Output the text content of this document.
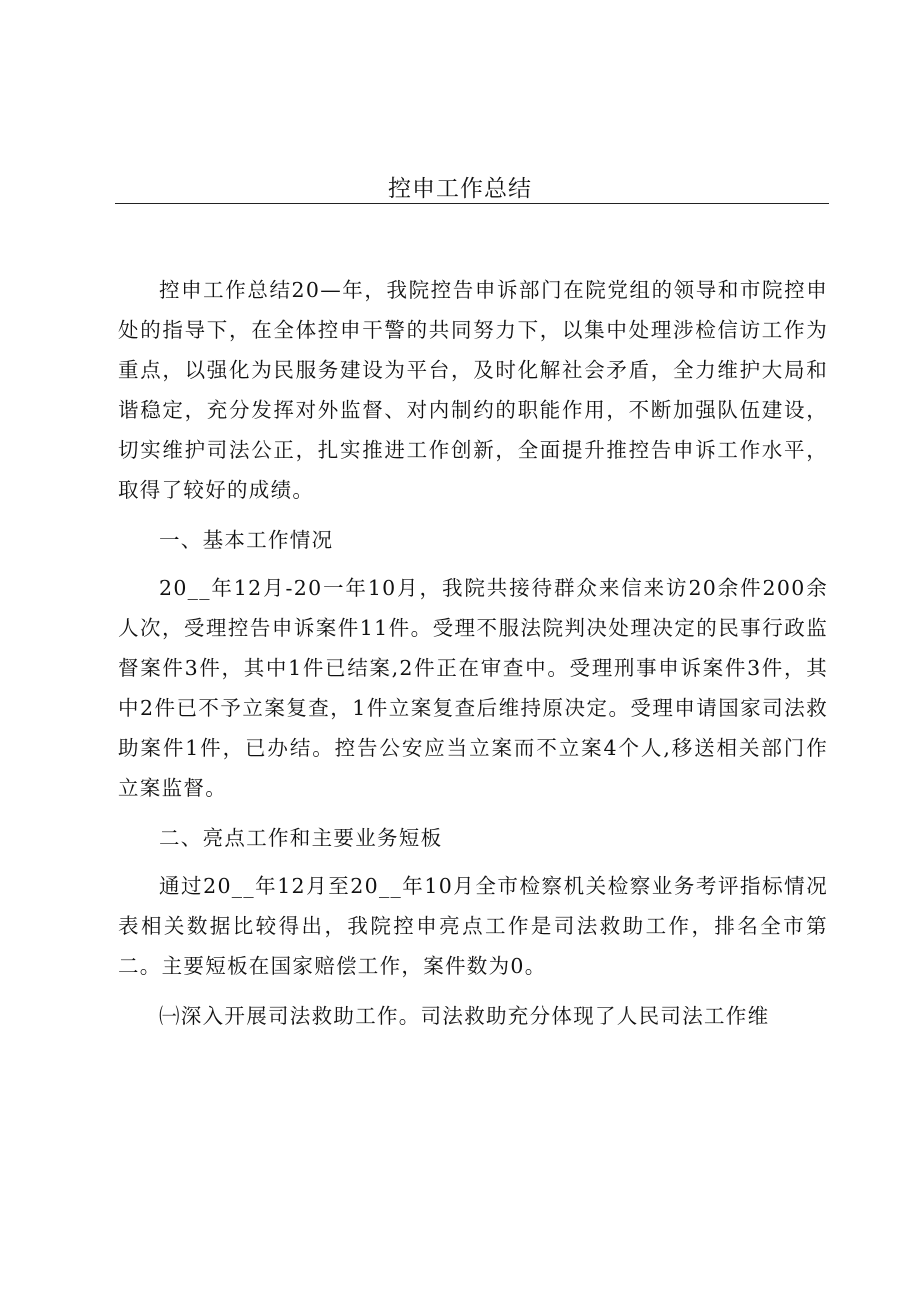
控申工作总结

控申工作总结20—年，我院控告申诉部门在院党组的领导和市院控申处的指导下，在全体控申干警的共同努力下，以集中处理涉检信访工作为重点，以强化为民服务建设为平台，及时化解社会矛盾，全力维护大局和谐稳定，充分发挥对外监督、对内制约的职能作用，不断加强队伍建设，切实维护司法公正，扎实推进工作创新，全面提升推控告申诉工作水平，取得了较好的成绩。

一、基本工作情况

20__年12月-20一年10月，我院共接待群众来信来访20余件200余人次，受理控告申诉案件11件。受理不服法院判决处理决定的民事行政监督案件3件，其中1件已结案,2件正在审查中。受理刑事申诉案件3件，其中2件已不予立案复查，1件立案复查后维持原决定。受理申请国家司法救助案件1件，已办结。控告公安应当立案而不立案4个人,移送相关部门作立案监督。

二、亮点工作和主要业务短板

通过20__年12月至20__年10月全市检察机关检察业务考评指标情况表相关数据比较得出，我院控申亮点工作是司法救助工作，排名全市第二。主要短板在国家赔偿工作，案件数为0。

㈠深入开展司法救助工作。司法救助充分体现了人民司法工作维
